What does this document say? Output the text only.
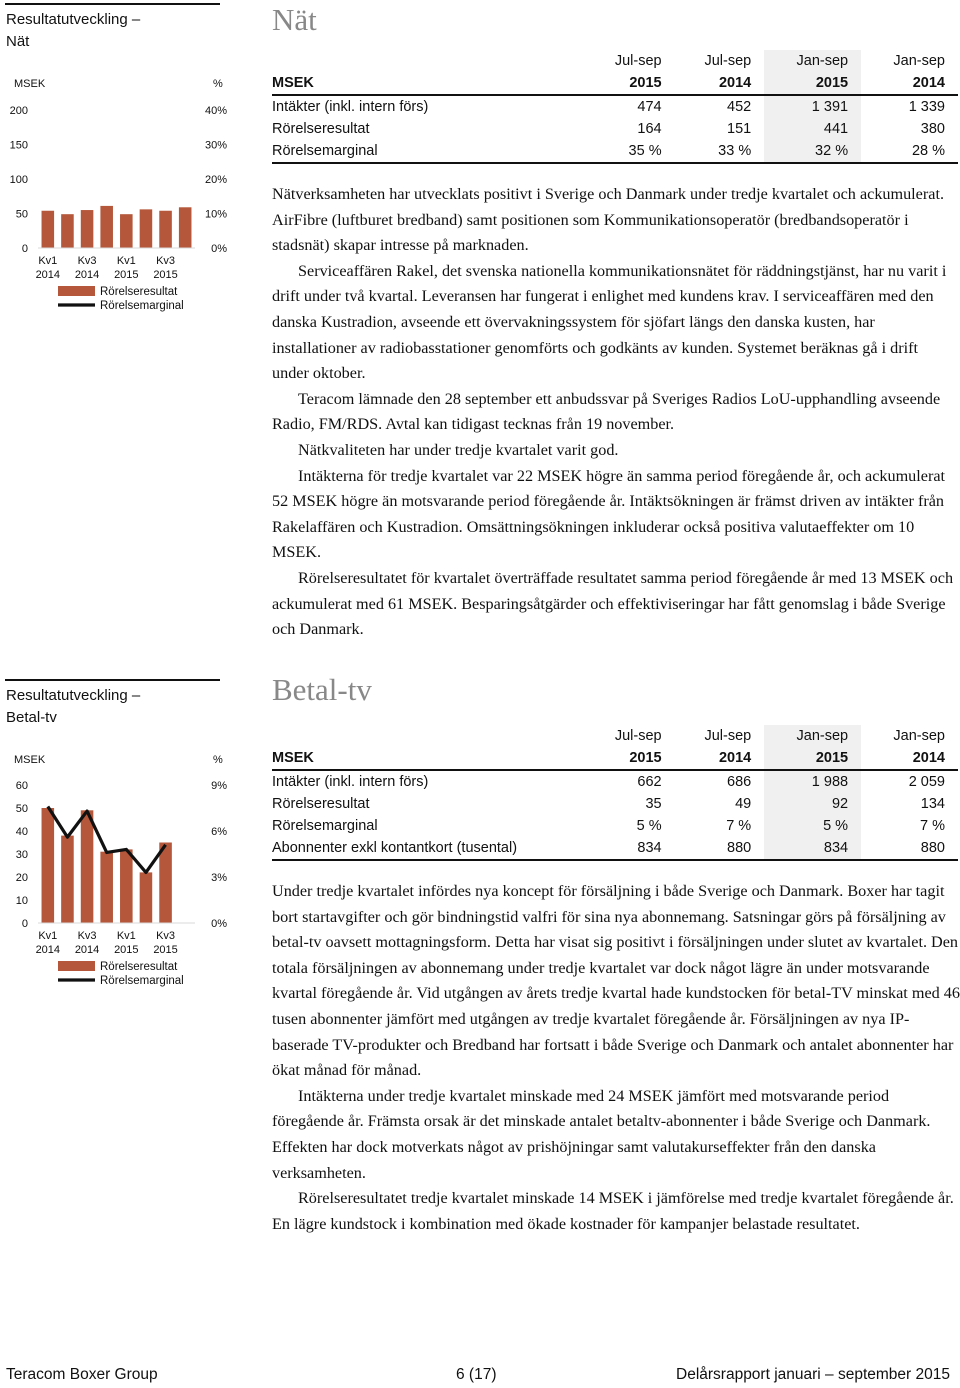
Resultatutveckling –
Nät
MSEK	%
0
50
100
150
200
0%
10%
20%
30%
40%
Kv1
2014
Kv3
2014
Kv1
2015
Kv3
2015
Rörelseresultat
Rörelsemarginal
Resultatutveckling –
Betal-tv
MSEK	%
0
10
20
30
40
50
60
0%
3%
6%
9%
Kv1
2014
Kv3
2014
Kv1
2015
Kv3
2015
Rörelseresultat
Rörelsemarginal
Nät
	Jul-sep	Jul-sep	Jan-sep	Jan-sep
MSEK	2015	2014	2015	2014
Intäkter (inkl. intern förs)	474	452	1 391	1 339
Rörelseresultat	164	151	441	380
Rörelsemarginal	35 %	33 %	32 %	28 %

Nätverksamheten har utvecklats positivt i Sverige och Danmark under tredje kvartalet och ackumulerat. AirFibre (luftburet bredband) samt positionen som Kommunikationsoperatör (bredbandsoperatör i stadsnät) skapar intresse på marknaden.

Serviceaffären Rakel, det svenska nationella kommunikationsnätet för räddningstjänst, har nu varit i drift under två kvartal. Leveransen har fungerat i enlighet med kundens krav. I serviceaffären med den danska Kustradion, avseende ett övervakningssystem för sjöfart längs den danska kusten, har installationer av radiobasstationer genomförts och godkänts av kunden. Systemet beräknas gå i drift under oktober.

Teracom lämnade den 28 september ett anbudssvar på Sveriges Radios LoU-upphandling avseende Radio, FM/RDS. Avtal kan tidigast tecknas från 19 november.

Nätkvaliteten har under tredje kvartalet varit god.

Intäkterna för tredje kvartalet var 22 MSEK högre än samma period föregående år, och ackumulerat 52 MSEK högre än motsvarande period föregående år. Intäktsökningen är främst driven av intäkter från Rakelaffären och Kustradion. Omsättningsökningen inkluderar också positiva valutaeffekter om 10 MSEK.

Rörelseresultatet för kvartalet överträffade resultatet samma period föregående år med 13 MSEK och ackumulerat med 61 MSEK. Besparingsåtgärder och effektiviseringar har fått genomslag i både Sverige och Danmark.

Betal-tv
	Jul-sep	Jul-sep	Jan-sep	Jan-sep
MSEK	2015	2014	2015	2014
Intäkter (inkl. intern förs)	662	686	1 988	2 059
Rörelseresultat	35	49	92	134
Rörelsemarginal	5 %	7 %	5 %	7 %
Abonnenter exkl kontantkort (tusental)	834	880	834	880

Under tredje kvartalet infördes nya koncept för försäljning i både Sverige och Danmark. Boxer har tagit bort startavgifter och gör bindningstid valfri för sina nya abonnemang. Satsningar görs på försäljning av betal-tv oavsett mottagningsform. Detta har visat sig positivt i försäljningen under slutet av kvartalet. Den totala försäljningen av abonnemang under tredje kvartalet var dock något lägre än under motsvarande kvartal föregående år. Vid utgången av årets tredje kvartal hade kundstocken för betal-TV minskat med 46 tusen abonnenter jämfört med utgången av tredje kvartalet föregående år. Försäljningen av nya IP-baserade TV-produkter och Bredband har fortsatt i både Sverige och Danmark och antalet abonnenter har ökat månad för månad.

Intäkterna under tredje kvartalet minskade med 24 MSEK jämfört med motsvarande period föregående år. Främsta orsak är det minskade antalet betaltv-abonnenter i både Sverige och Danmark. Effekten har dock motverkats något av prishöjningar samt valutakurseffekter från den danska verksamheten.

Rörelseresultatet tredje kvartalet minskade 14 MSEK i jämförelse med tredje kvartalet föregående år. En lägre kundstock i kombination med ökade kostnader för kampanjer belastade resultatet.

Teracom Boxer Group	6 (17)	Delårsrapport januari – september 2015
